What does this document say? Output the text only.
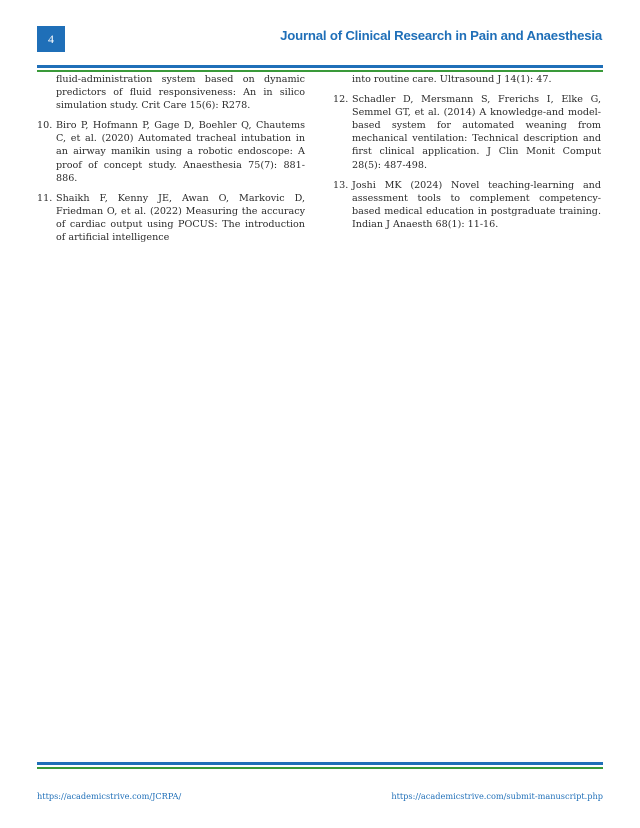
4	Journal of Clinical Research in Pain and Anaesthesia
fluid-administration system based on dynamic predictors of fluid responsiveness: An in silico simulation study. Crit Care 15(6): R278.
10. Biro P, Hofmann P, Gage D, Boehler Q, Chautems C, et al. (2020) Automated tracheal intubation in an airway manikin using a robotic endoscope: A proof of concept study. Anaesthesia 75(7): 881-886.
11. Shaikh F, Kenny JE, Awan O, Markovic D, Friedman O, et al. (2022) Measuring the accuracy of cardiac output using POCUS: The introduction of artificial intelligence
into routine care. Ultrasound J 14(1): 47.
12. Schadler D, Mersmann S, Frerichs I, Elke G, Semmel GT, et al. (2014) A knowledge-and model-based system for automated weaning from mechanical ventilation: Technical description and first clinical application. J Clin Monit Comput 28(5): 487-498.
13. Joshi MK (2024) Novel teaching-learning and assessment tools to complement competency-based medical education in postgraduate training. Indian J Anaesth 68(1): 11-16.
https://academicstrive.com/JCRPA/	https://academicstrive.com/submit-manuscript.php
